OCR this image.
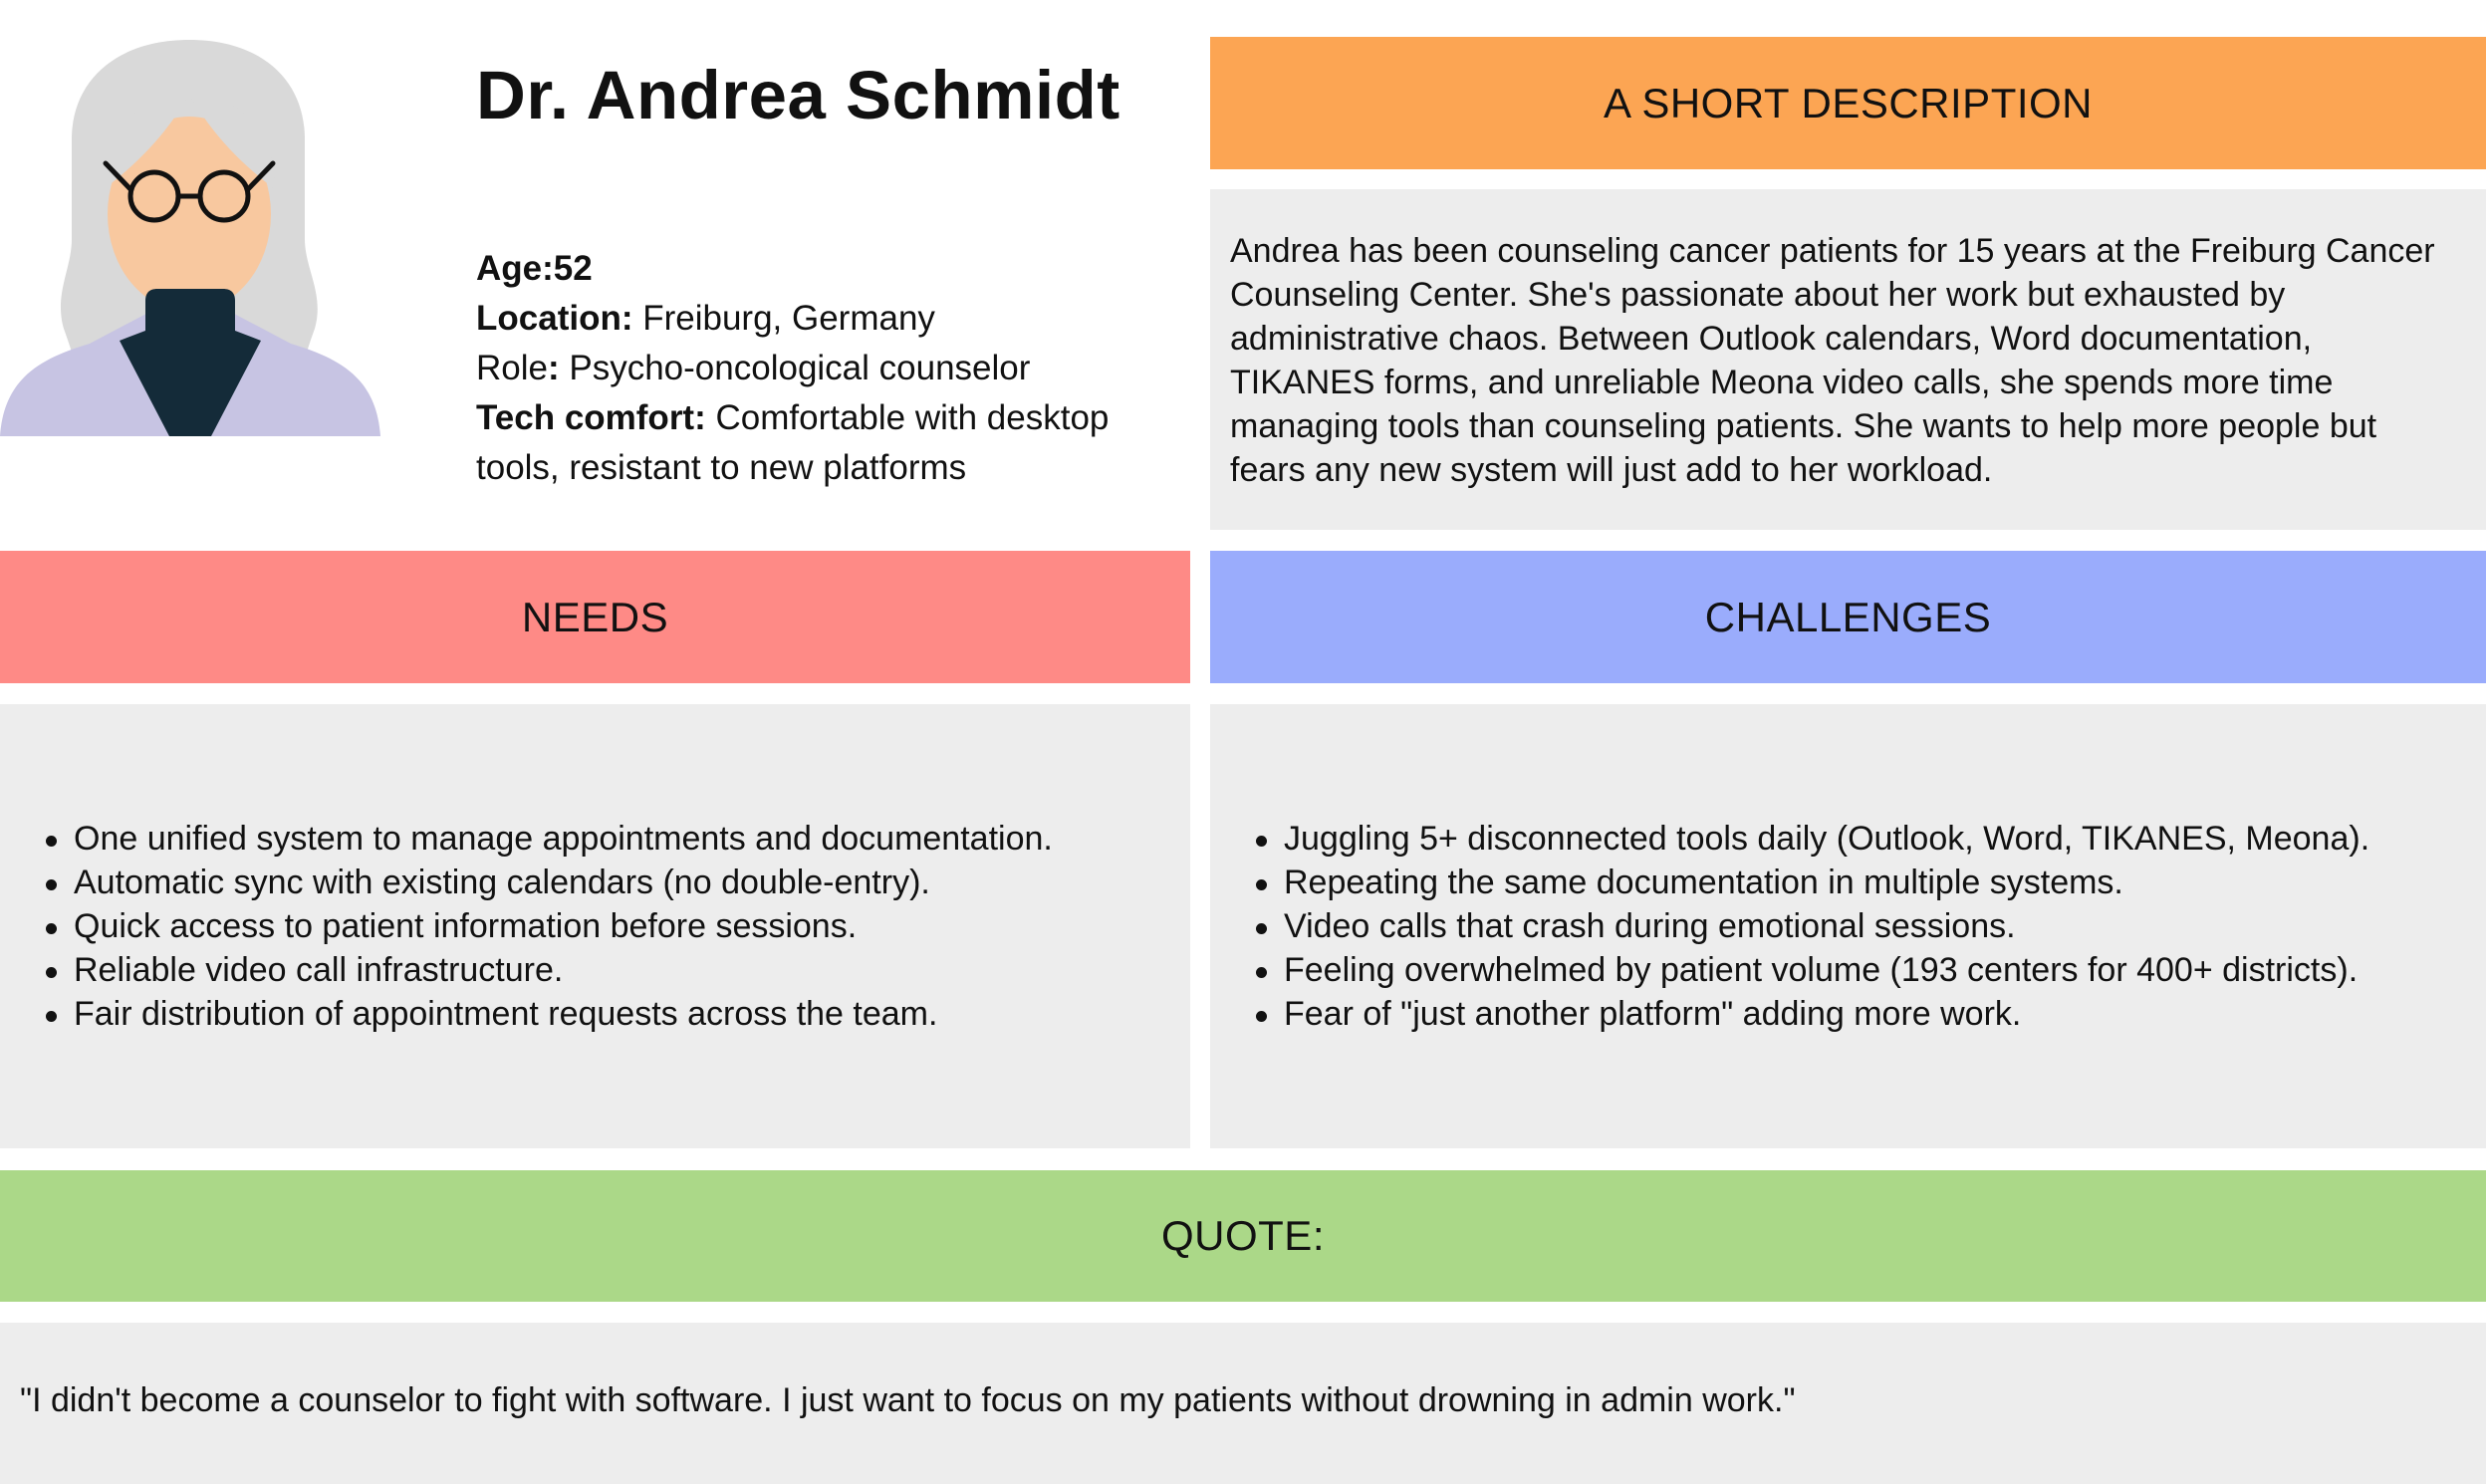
Dr. Andrea Schmidt
Age:52
Location: Freiburg, Germany
Role: Psycho-oncological counselor
Tech comfort: Comfortable with desktop
tools, resistant to new platforms
A SHORT DESCRIPTION
Andrea has been counseling cancer patients for 15 years at the Freiburg Cancer
Counseling Center. She's passionate about her work but exhausted by
administrative chaos. Between Outlook calendars, Word documentation,
TIKANES forms, and unreliable Meona video calls, she spends more time
managing tools than counseling patients. She wants to help more people but
fears any new system will just add to her workload.
NEEDS
One unified system to manage appointments and documentation.
Automatic sync with existing calendars (no double-entry).
Quick access to patient information before sessions.
Reliable video call infrastructure.
Fair distribution of appointment requests across the team.
CHALLENGES
Juggling 5+ disconnected tools daily (Outlook, Word, TIKANES, Meona).
Repeating the same documentation in multiple systems.
Video calls that crash during emotional sessions.
Feeling overwhelmed by patient volume (193 centers for 400+ districts).
Fear of "just another platform" adding more work.
QUOTE:
"I didn't become a counselor to fight with software. I just want to focus on my patients without drowning in admin work."
